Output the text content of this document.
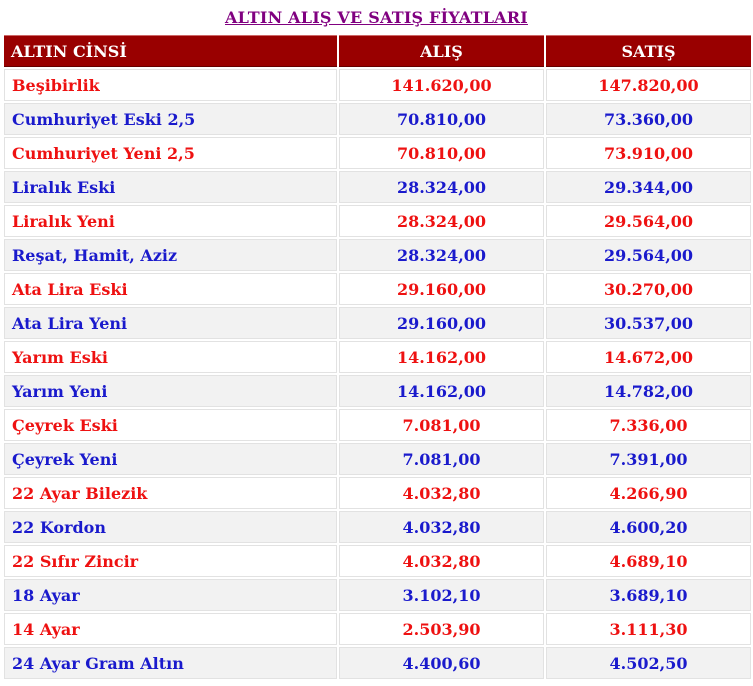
ALTIN ALIŞ VE SATIŞ FİYATLARI
ALTIN CİNSİ	ALIŞ	SATIŞ
Beşibirlik	141.620,00	147.820,00
Cumhuriyet Eski 2,5	70.810,00	73.360,00
Cumhuriyet Yeni 2,5	70.810,00	73.910,00
Liralık Eski	28.324,00	29.344,00
Liralık Yeni	28.324,00	29.564,00
Reşat, Hamit, Aziz	28.324,00	29.564,00
Ata Lira Eski	29.160,00	30.270,00
Ata Lira Yeni	29.160,00	30.537,00
Yarım Eski	14.162,00	14.672,00
Yarım Yeni	14.162,00	14.782,00
Çeyrek Eski	7.081,00	7.336,00
Çeyrek Yeni	7.081,00	7.391,00
22 Ayar Bilezik	4.032,80	4.266,90
22 Kordon	4.032,80	4.600,20
22 Sıfır Zincir	4.032,80	4.689,10
18 Ayar	3.102,10	3.689,10
14 Ayar	2.503,90	3.111,30
24 Ayar Gram Altın	4.400,60	4.502,50
